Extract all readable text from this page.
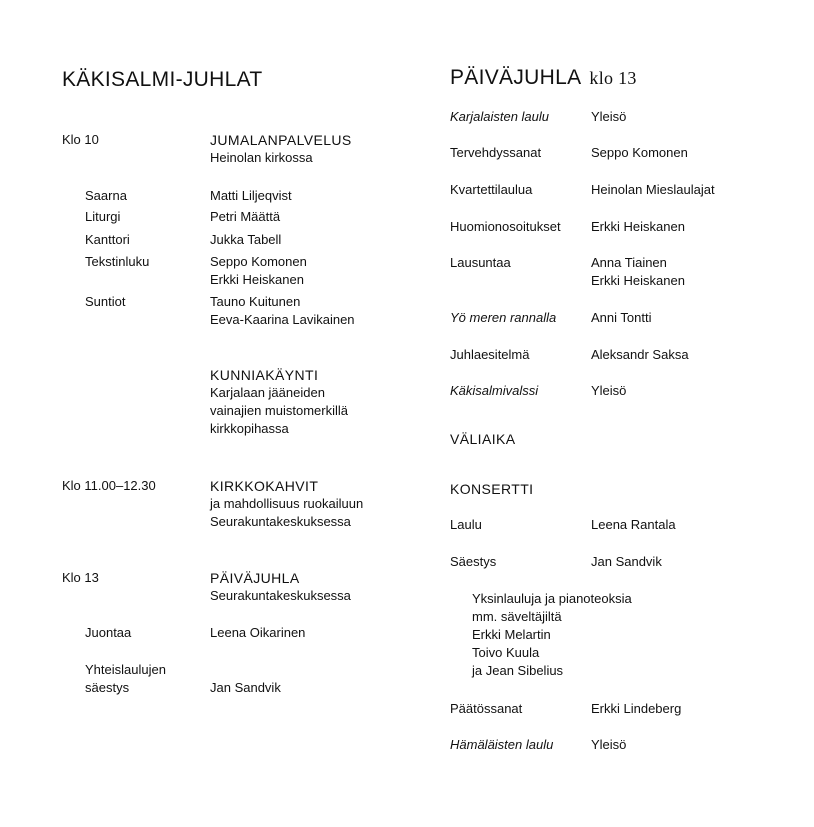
KÄKISALMI-JUHLAT
Klo 10	JUMALANPALVELUS
Heinolan kirkossa
Saarna	Matti Liljeqvist
Liturgi	Petri Määttä
Kanttori	Jukka Tabell
Tekstinluku	Seppo Komonen
Erkki Heiskanen
Suntiot	Tauno Kuitunen
Eeva-Kaarina Lavikainen
KUNNIAKÄYNTI
Karjalaan jääneiden
vainajien muistomerkillä
kirkkopihassa
Klo 11.00–12.30	KIRKKOKAHVIT
ja mahdollisuus ruokailuun
Seurakuntakeskuksessa
Klo 13	PÄIVÄJUHLA
Seurakuntakeskuksessa
Juontaa	Leena Oikarinen
Yhteislaulujen
säestys	Jan Sandvik
PÄIVÄJUHLA klo 13
Karjalaisten laulu	Yleisö
Tervehdyssanat	Seppo Komonen
Kvartettilaulua	Heinolan Mieslaulajat
Huomionosoitukset Erkki Heiskanen
Lausuntaa	Anna Tiainen
Erkki Heiskanen
Yö meren rannalla	Anni Tontti
Juhlaesitelmä	Aleksandr Saksa
Käkisalmivalssi	Yleisö
VÄLIAIKA
KONSERTTI
Laulu	Leena Rantala
Säestys	Jan Sandvik
Yksinlauluja ja pianoteoksia
mm. säveltäjiltä
Erkki Melartin
Toivo Kuula
ja Jean Sibelius
Päätössanat	Erkki Lindeberg
Hämäläisten laulu	Yleisö
